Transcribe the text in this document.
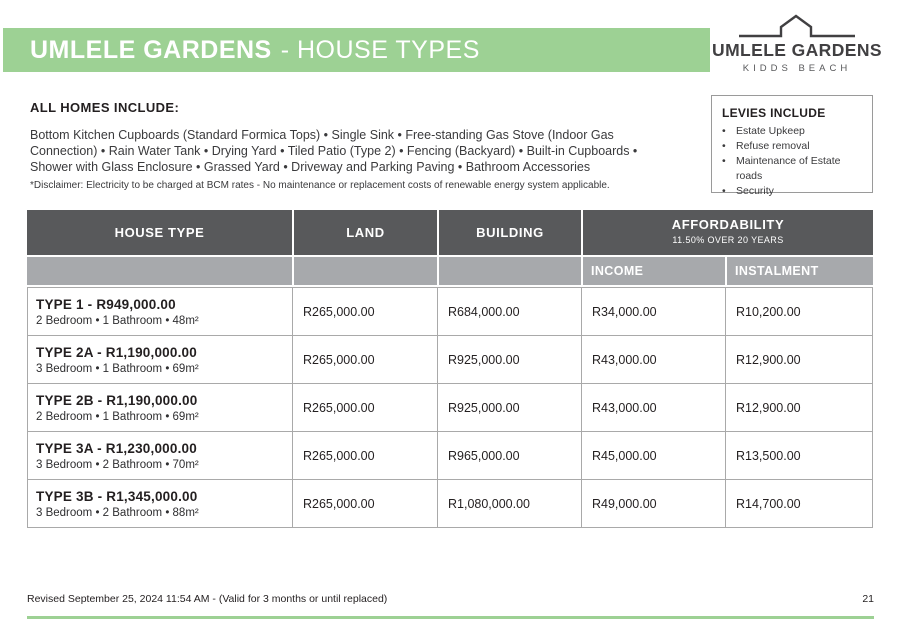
UMLELE GARDENS - HOUSE TYPES	UMLELE GARDENS
KIDDS BEACH
ALL HOMES INCLUDE:

Bottom Kitchen Cupboards (Standard Formica Tops) • Single Sink • Free-standing Gas Stove (Indoor Gas Connection) • Rain Water Tank • Drying Yard • Tiled Patio (Type 2) • Fencing (Backyard) • Built-in Cupboards • Shower with Glass Enclosure • Grassed Yard • Driveway and Parking Paving • Bathroom Accessories

*Disclaimer: Electricity to be charged at BCM rates - No maintenance or replacement costs of renewable energy system applicable.
LEVIES INCLUDE
• Estate Upkeep
• Refuse removal
• Maintenance of Estate roads
• Security
HOUSE TYPE	LAND	BUILDING
AFFORDABILITY
11.50% OVER 20 YEARS
INCOME	INSTALMENT
TYPE 1 - R949,000.00
2 Bedroom • 1 Bathroom • 48m²
R265,000.00	R684,000.00	R34,000.00	R10,200.00
TYPE 2A - R1,190,000.00
3 Bedroom • 1 Bathroom • 69m²
R265,000.00	R925,000.00	R43,000.00	R12,900.00
TYPE 2B - R1,190,000.00
2 Bedroom • 1 Bathroom • 69m²
R265,000.00	R925,000.00	R43,000.00	R12,900.00
TYPE 3A - R1,230,000.00
3 Bedroom • 2 Bathroom • 70m²
R265,000.00	R965,000.00	R45,000.00	R13,500.00
TYPE 3B - R1,345,000.00
3 Bedroom • 2 Bathroom • 88m²
R265,000.00	R1,080,000.00	R49,000.00	R14,700.00
Revised September 25, 2024 11:54 AM - (Valid for 3 months or until replaced)	21
